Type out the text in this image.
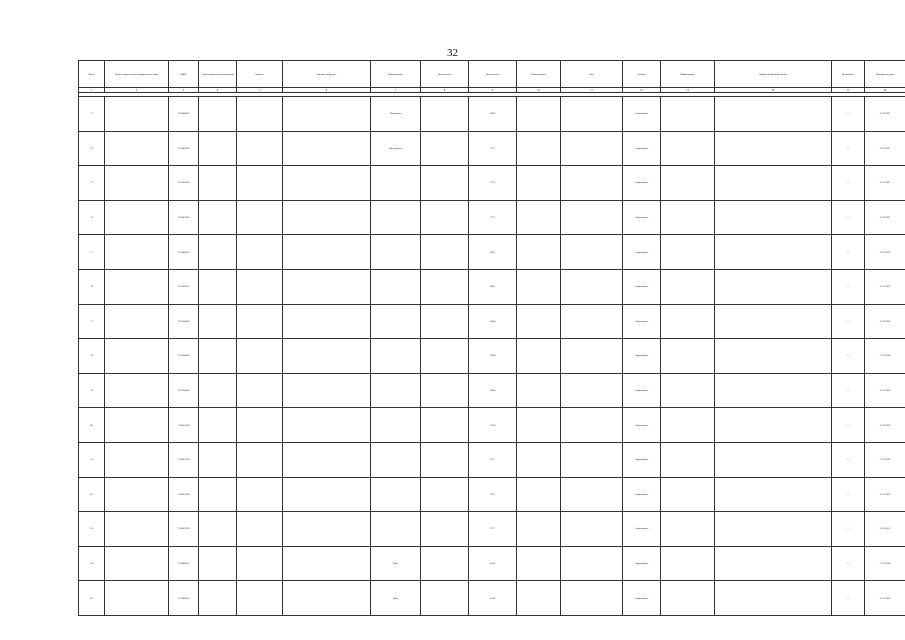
32
№ п/п	Полное наименование юридического лица	ОКПО	Тип медицинской организации	Уровень	Фактический адрес	Наименование	Численность	Численность	Наименование	Вид	Условия	Наименование	Нормативный правовой акт	Количество	Планируемая дата
1	2	3	4	5	6	7	8	9	10	11	12	13	14	15	16

73		7510000013				Подгорная		12495			Стационарно			1	31.12.2021
74		7510001003				Шелопугино		7775			Амбулаторно			1	31.12.2021
75		7510001005						7775			Амбулаторно			1	31.12.2021
76		7510001005						7775			Амбулаторно			1	31.12.2021
77		7510000316						9823			Амбулаторно			1	31.12.2022
78		7510000313						9823			Амбулаторно			1	31.12.2022
77		7511004580						12854			Амбулаторно			1	31.12.2024
78		7511004580						12854			Амбулаторно			1	31.12.2024
79		7511004580						12854			Амбулаторно			1	31.12.2024
80		7518001760						12138			Амбулаторно			1	31.12.2023
81		7518001760						7277			Амбулаторно			1	31.12.2023
82		7518001760						7277			Амбулаторно			1	31.12.2023
83		7518001760						7277			Амбулаторно			1	31.12.2023
84		7519000553				Карл		4544			Амбулаторно			1	31.12.2024
85		7519000553				Карл		4544			Амбулаторно			1	31.12.2024
